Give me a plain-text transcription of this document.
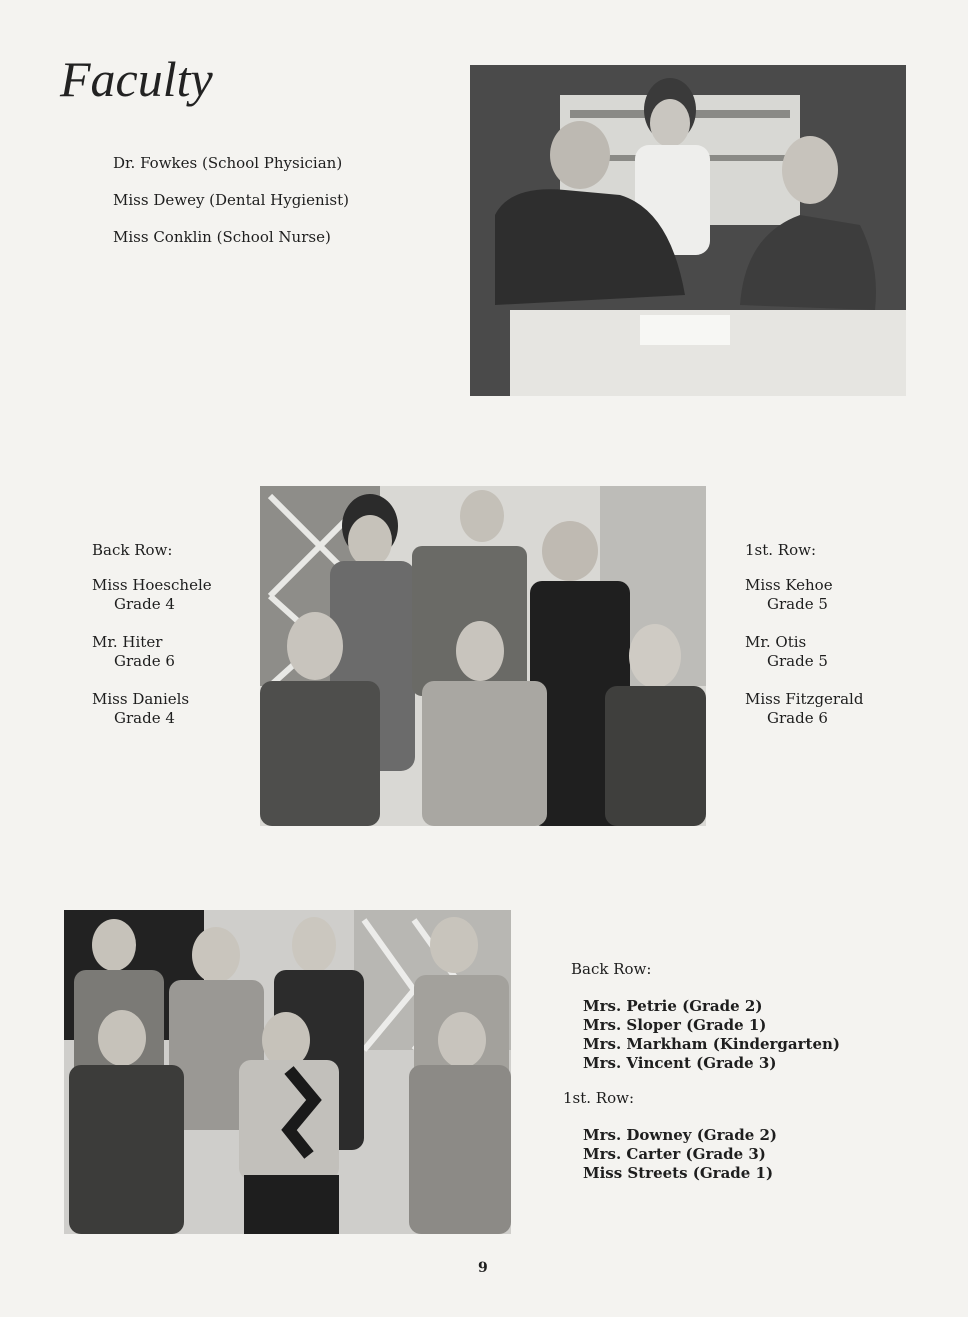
Faculty
Dr. Fowkes (School Physician)
Miss Dewey (Dental Hygienist)
Miss Conklin (School Nurse)
Back Row:
Miss Hoeschele
Grade 4
Mr. Hiter
Grade 6
Miss Daniels
Grade 4
1st. Row:
Miss Kehoe
Grade 5
Mr. Otis
Grade 5
Miss Fitzgerald
Grade 6
Back Row:
Mrs. Petrie (Grade 2)
Mrs. Sloper (Grade 1)
Mrs. Markham (Kindergarten)
Mrs. Vincent (Grade 3)
1st. Row:
Mrs. Downey (Grade 2)
Mrs. Carter (Grade 3)
Miss Streets (Grade 1)
9
